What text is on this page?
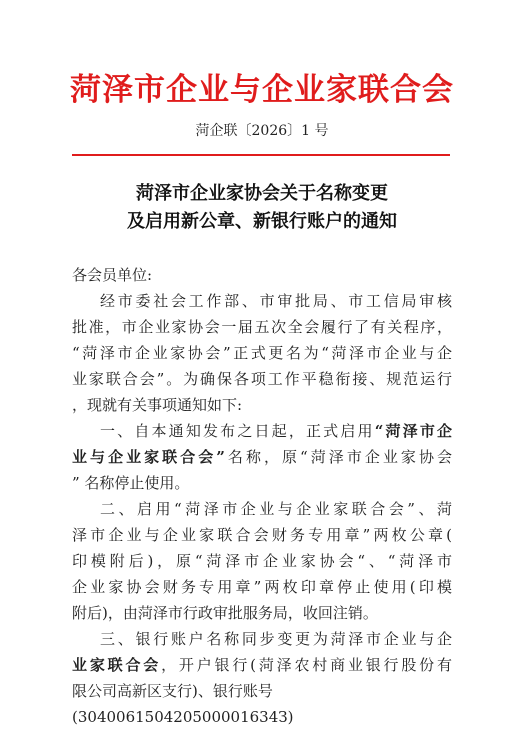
菏泽市企业与企业家联合会
菏企联〔2026〕1 号
菏泽市企业家协会关于名称变更
及启用新公章、新银行账户的通知
各会员单位:
经市委社会工作部、市审批局、市工信局审核
批准，市企业家协会一届五次全会履行了有关程序，
“菏泽市企业家协会”正式更名为“菏泽市企业与企
业家联合会”。为确保各项工作平稳衔接、规范运行
，现就有关事项通知如下:
一、自本通知发布之日起，正式启用“菏泽市企
业与企业家联合会”名称，原“菏泽市企业家协会
” 名称停止使用。
二、启用“菏泽市企业与企业家联合会”、菏
泽市企业与企业家联合会财务专用章”两枚公章(
印模附后)，原“菏泽市企业家协会“、“菏泽市
企业家协会财务专用章”两枚印章停止使用(印模
附后)，由菏泽市行政审批服务局，收回注销。
三、银行账户名称同步变更为菏泽市企业与企
业家联合会，开户银行(菏泽农村商业银行股份有
限公司高新区支行)、银行账号
(304006150420500001634З)
